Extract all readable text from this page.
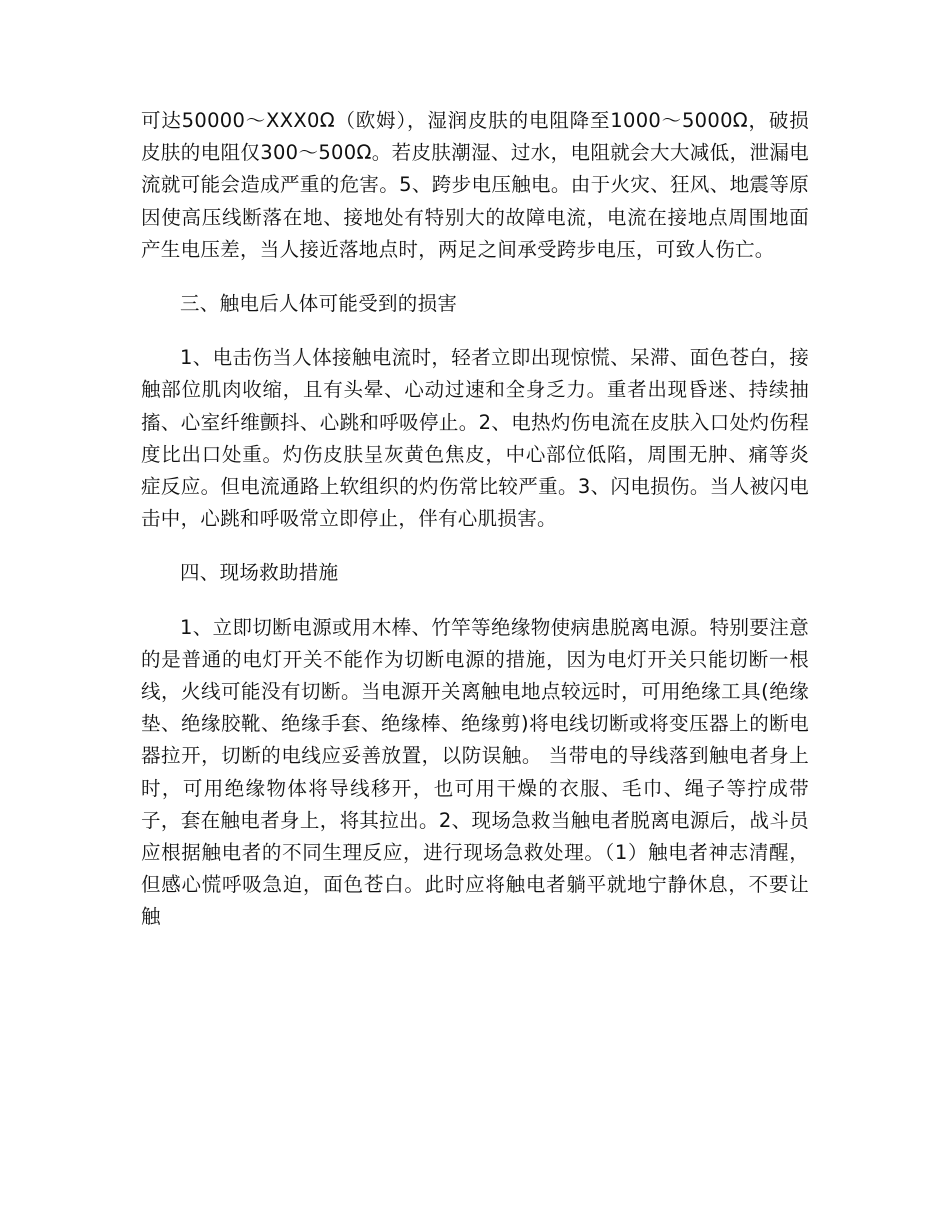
可达50000～XXX0Ω（欧姆），湿润皮肤的电阻降至1000～5000Ω，破损皮肤的电阻仅300～500Ω。若皮肤潮湿、过水，电阻就会大大减低，泄漏电流就可能会造成严重的危害。5、跨步电压触电。由于火灾、狂风、地震等原因使高压线断落在地、接地处有特别大的故障电流，电流在接地点周围地面产生电压差，当人接近落地点时，两足之间承受跨步电压，可致人伤亡。

三、触电后人体可能受到的损害

1、电击伤当人体接触电流时，轻者立即出现惊慌、呆滞、面色苍白，接触部位肌肉收缩，且有头晕、心动过速和全身乏力。重者出现昏迷、持续抽搐、心室纤维颤抖、心跳和呼吸停止。2、电热灼伤电流在皮肤入口处灼伤程度比出口处重。灼伤皮肤呈灰黄色焦皮，中心部位低陷，周围无肿、痛等炎症反应。但电流通路上软组织的灼伤常比较严重。3、闪电损伤。当人被闪电击中，心跳和呼吸常立即停止，伴有心肌损害。

四、现场救助措施

1、立即切断电源或用木棒、竹竿等绝缘物使病患脱离电源。特别要注意的是普通的电灯开关不能作为切断电源的措施，因为电灯开关只能切断一根线，火线可能没有切断。当电源开关离触电地点较远时，可用绝缘工具(绝缘垫、绝缘胶靴、绝缘手套、绝缘棒、绝缘剪)将电线切断或将变压器上的断电器拉开，切断的电线应妥善放置，以防误触。 当带电的导线落到触电者身上时，可用绝缘物体将导线移开，也可用干燥的衣服、毛巾、绳子等拧成带子，套在触电者身上，将其拉出。2、现场急救当触电者脱离电源后，战斗员应根据触电者的不同生理反应，进行现场急救处理。（1）触电者神志清醒，但感心慌呼吸急迫，面色苍白。此时应将触电者躺平就地宁静休息，不要让触
